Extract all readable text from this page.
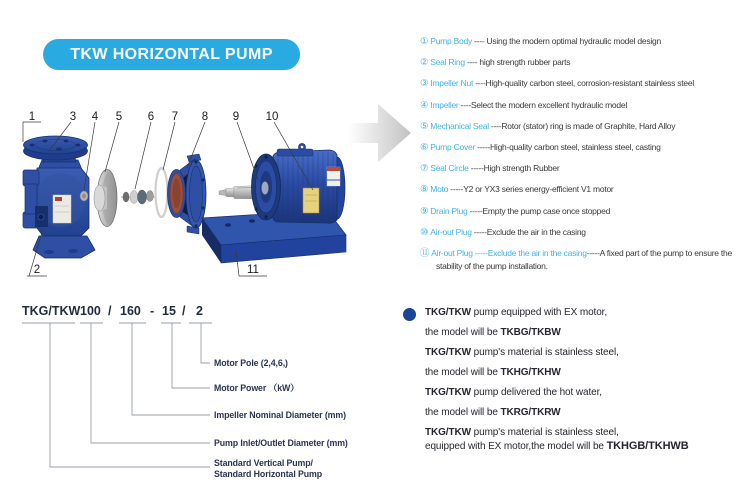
TKW HORIZONTAL PUMP
1	3 4 5 6 7 8 9 10
2	11
① Pump Body ---- Using the modern optimal hydraulic model design
② Seal Ring ---- high strength rubber parts
③ Impeller Nut ----High-quality carbon steel, corrosion-resistant stainless steel
④ Impeller ----Select the modern excellent hydraulic model
⑤ Mechanical Seal ----Rotor (stator) ring is made of Graphite, Hard Alloy
⑥ Pump Cover -----High-quality carbon steel, stainless steel, casting
⑦ Seal Circle -----High strength Rubber
⑧ Moto -----Y2 or YX3 series energy-efficient V1 motor
⑨ Drain Plug -----Empty the pump case once stopped
⑩ Air-out Plug -----Exclude the air in the casing
⑪ Air-out Plug -----Exclude the air in the casing-----A fixed part of the pump to ensure the stability of the pump installation.
TKG/TKW 100 / 160 - 15 / 2
Motor Pole (2,4,6,)
Motor Power （kW）
Impeller Nominal Diameter (mm)
Pump Inlet/Outlet Diameter (mm)
Standard Vertical Pump/
Standard Horizontal Pump
TKG/TKW pump equipped with EX motor,
the model will be TKBG/TKBW
TKG/TKW pump's material is stainless steel,
the model will be TKHG/TKHW
TKG/TKW pump delivered the hot water,
the model will be TKRG/TKRW
TKG/TKW pump's material is stainless steel,
equipped with EX motor,the model will be TKHGB/TKHWB
